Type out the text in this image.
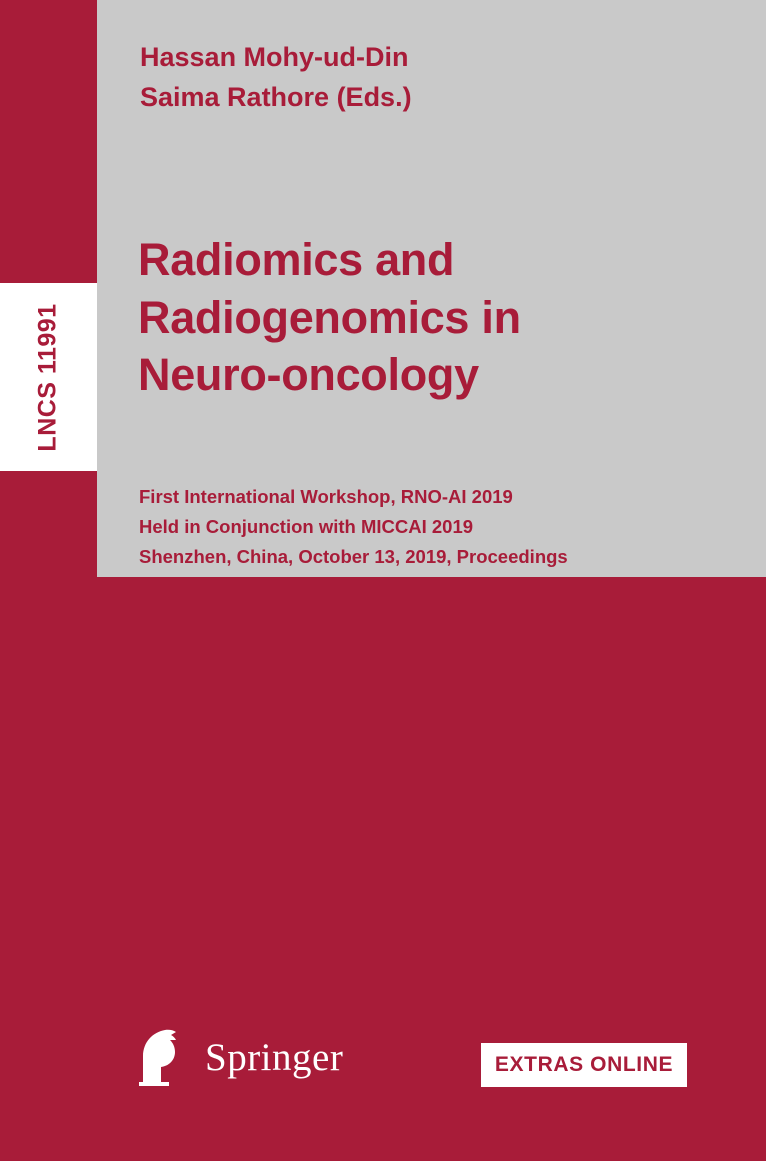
LNCS 11991
Hassan Mohy-ud-Din
Saima Rathore (Eds.)
Radiomics and
Radiogenomics in
Neuro-oncology
First International Workshop, RNO-AI 2019
Held in Conjunction with MICCAI 2019
Shenzhen, China, October 13, 2019, Proceedings
Springer	EXTRAS ONLINE
